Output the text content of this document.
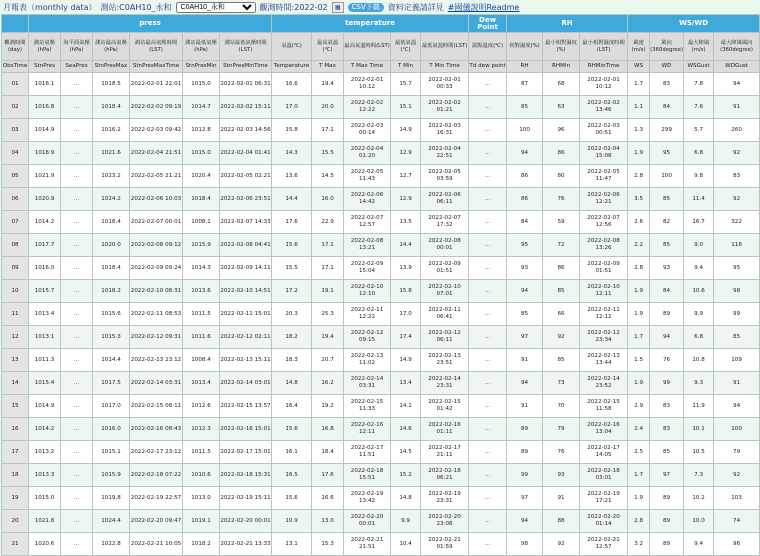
月報表（monthly data） 測站:C0AH10_永和
C0AH10_永和	觀測時間:2022-02	▦	CSV下載	資料定義請詳見 #國儀說明Readme
	press						temperature					Dew Point	RH			WS/WD			
觀測時間(day)	測站氣壓(hPa)	海平面氣壓(hPa)	測站最高氣壓(hPa)	測站最高氣壓時間(LST)	測站最低氣壓(hPa)	測站最低氣壓時間(LST)	氣溫(℃)	最高氣溫(℃)	最高氣溫時間(LST)	最低氣溫(℃)	最低氣溫時間(LST)	露點溫度(℃)	相對濕度(%)	最小相對濕度(%)	最小相對濕度時間(LST)	風速(m/s)	風向(360degree)	最大陣風(m/s)	最大陣風風向(360degree)
ObsTime	StnPres	SeaPres	StnPresMax	StnPresMaxTime	StnPresMin	StnPresMinTime	Temperature	T Max	T Max Time	T Min	T Min Time	Td dew point	RH	RHMin	RHMinTime	WS	WD	WSGust	WDGust
01	1016.1	...	1018.5	2022-02-01 22:01	1015.0	2022-02-01 06:31	16.6	19.4	2022-02-01 10:12	15.7	2022-02-01 00:33	...	87	68	2022-02-01 10:12	1.7	83	7.8	94
02	1016.8	...	1018.4	2022-02-02 09:19	1014.7	2022-02-02 15:11	17.0	20.0	2022-02-02 12:22	15.1	2022-02-02 01:21	...	85	63	2022-02-02 13:46	1.1	84	7.6	91
03	1014.9	...	1016.2	2022-02-03 09:42	1012.8	2022-02-03 14:56	15.8	17.1	2022-02-03 00:14	14.9	2022-02-03 16:31	...	100	96	2022-02-03 00:51	1.3	299	5.7	260
04	1018.9	...	1021.6	2022-02-04 21:51	1015.0	2022-02-04 01:41	14.3	15.5	2022-02-04 01:20	12.9	2022-02-04 22:51	...	94	86	2022-02-04 15:08	1.9	95	6.8	92
05	1021.9	...	1023.2	2022-02-05 21:21	1020.4	2022-02-05 02:21	13.6	14.5	2022-02-05 11:43	12.7	2022-02-05 03:59	...	86	80	2022-02-05 11:47	2.8	100	9.8	83
06	1020.9	...	1024.2	2022-02-06 10:03	1018.4	2022-02-06 23:51	14.4	16.0	2022-02-06 14:42	12.9	2022-02-06 06:11	...	86	76	2022-02-06 12:21	3.5	85	11.4	92
07	1014.2	...	1018.4	2022-02-07 00:01	1008.1	2022-02-07 14:33	17.6	22.9	2022-02-07 12:57	13.5	2022-02-07 17:32	...	84	59	2022-02-07 12:56	2.6	82	16.7	322
08	1017.7	...	1020.0	2022-02-08 09:12	1015.9	2022-02-08 04:41	15.6	17.1	2022-02-08 13:21	14.4	2022-02-08 00:01	...	95	72	2022-02-08 13:26	2.2	85	9.0	116
09	1016.0	...	1018.4	2022-02-09 09:24	1014.3	2022-02-09 14:11	15.5	17.1	2022-02-09 15:04	13.9	2022-02-09 01:51	...	93	86	2022-02-09 01:51	2.8	93	9.4	95
10	1015.7	...	1018.2	2022-02-10 08:31	1013.6	2022-02-10 14:51	17.2	19.1	2022-02-10 12:10	15.8	2022-02-10 07:01	...	94	85	2022-02-10 12:11	1.9	84	10.6	98
11	1013.4	...	1015.6	2022-02-11 08:53	1011.5	2022-02-11 15:01	20.3	25.3	2022-02-11 12:22	17.0	2022-02-11 06:41	...	85	66	2022-02-11 12:12	1.9	89	9.9	99
12	1013.1	...	1015.3	2022-02-12 09:31	1011.6	2022-02-12 02:11	18.2	19.4	2022-02-12 09:15	17.4	2022-02-12 06:11	...	97	92	2022-02-12 23:34	1.7	94	6.8	85
13	1011.3	...	1014.4	2022-02-13 23:12	1008.4	2022-02-13 15:11	18.3	20.7	2022-02-13 11:02	14.9	2022-02-13 23:51	...	91	85	2022-02-13 13:44	1.5	76	10.8	109
14	1015.4	...	1017.5	2022-02-14 03:31	1013.4	2022-02-14 03:01	14.8	16.2	2022-02-14 03:31	13.4	2022-02-14 23:31	...	94	73	2022-02-14 23:52	1.9	99	9.3	91
15	1014.9	...	1017.0	2022-02-15 08:11	1012.6	2022-02-15 13:57	16.4	19.2	2022-02-15 11:33	14.1	2022-02-15 01:42	...	91	70	2022-02-15 11:58	2.9	83	11.9	94
16	1014.2	...	1016.0	2022-02-16 08:43	1012.3	2022-02-16 15:01	15.6	16.8	2022-02-16 12:11	14.6	2022-02-16 01:11	...	89	79	2022-02-16 13:04	2.4	83	10.1	100
17	1013.2	...	1015.1	2022-02-17 23:12	1011.5	2022-02-17 15:01	16.1	18.4	2022-02-17 11:51	14.5	2022-02-17 21:11	...	89	76	2022-02-17 14:05	2.5	85	10.5	79
18	1013.3	...	1015.9	2022-02-18 07:22	1010.6	2022-02-18 15:31	16.5	17.6	2022-02-18 15:51	15.2	2022-02-18 06:21	...	99	93	2022-02-18 03:01	1.7	97	7.3	92
19	1015.0	...	1019.8	2022-02-19 22:57	1013.0	2022-02-19 15:11	15.6	16.6	2022-02-19 13:42	14.8	2022-02-19 23:31	...	97	91	2022-02-19 17:21	1.9	89	10.2	103
20	1021.8	...	1024.4	2022-02-20 09:47	1019.1	2022-02-20 00:01	10.9	13.0	2022-02-20 00:01	9.9	2022-02-20 23:08	...	94	88	2022-02-20 01:14	2.8	89	10.0	74
21	1020.6	...	1022.8	2022-02-21 10:05	1018.2	2022-02-21 13:33	13.1	15.3	2022-02-21 21:51	10.4	2022-02-21 01:59	...	98	92	2022-02-21 12:57	3.2	89	9.4	96
